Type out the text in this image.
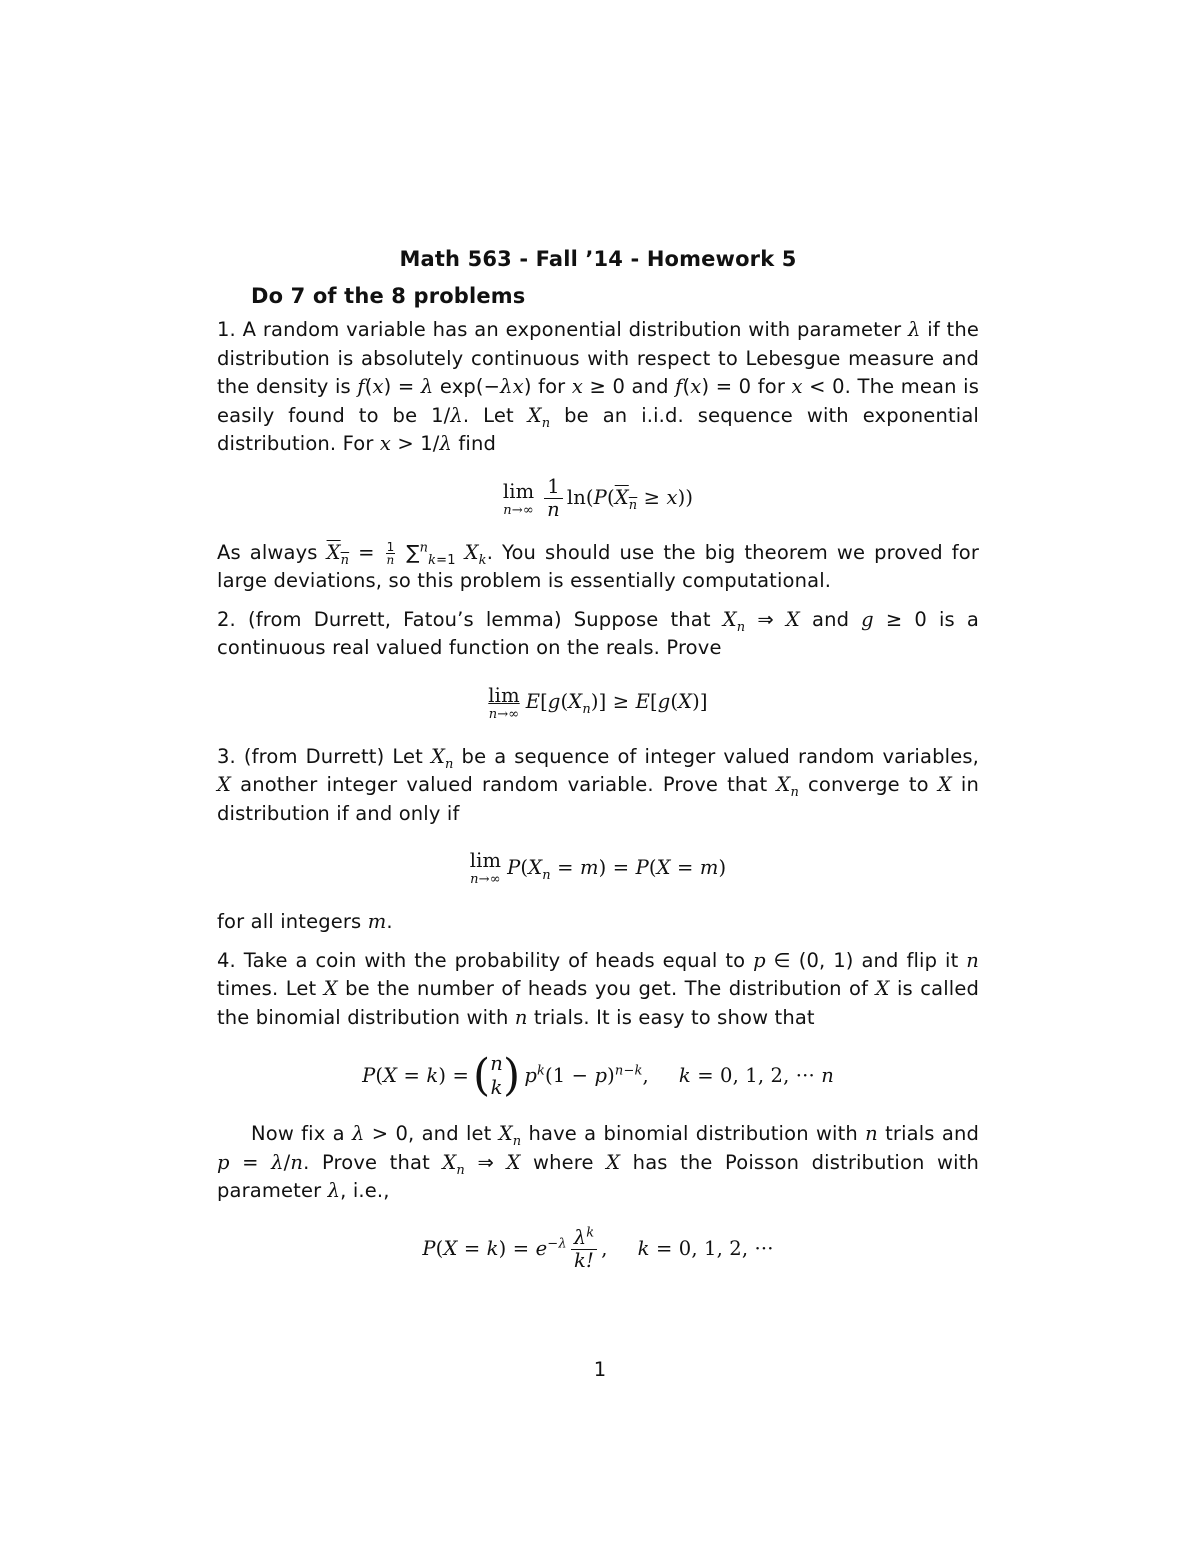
Math 563 - Fall ’14 - Homework 5
Do 7 of the 8 problems

1. A random variable has an exponential distribution with parameter λ if the distribution is absolutely continuous with respect to Lebesgue measure and the density is f(x) = λ exp(−λx) for x ≥ 0 and f(x) = 0 for x < 0. The mean is easily found to be 1/λ. Let $X_n$ be an i.i.d. sequence with exponential distribution. For x > 1/λ find

lim
$n\to\infty \frac{1}{n} \ln(P(X_n \ge x))$

As always $X_n = \frac{1}{n} \sum^n_{k=1}$ $X_k$. You should use the big theorem we proved for large deviations, so this problem is essentially computational.

2. (from Durrett, Fatou’s lemma) Suppose that $X_n$ ⇒ X and g ≥ 0 is a continuous real valued function on the reals. Prove

lim
n→∞
$E[g(X_n)] \ge E[g(X)]$

3. (from Durrett) Let $X_n$ be a sequence of integer valued random variables, X another integer valued random variable. Prove that $X_n$ converge to X in distribution if and only if

lim
n→∞
$P(X_n = m) = P(X = m)$

for all integers m.

4. Take a coin with the probability of heads equal to p ∈ (0, 1) and flip it n times. Let X be the number of heads you get. The distribution of X is called the binomial distribution with n trials. It is easy to show that

P(X = k) = ( n
k ) $p^k(1 - p)^{n-k}$, k = 0, 1, 2, ··· n

Now fix a λ > 0, and let $X_n$ have a binomial distribution with n trials and p = λ/n. Prove that $X_n$ ⇒ X where X has the Poisson distribution with parameter λ, i.e.,

$P(X = k) = e^{-\lambda} \frac{\lambda^k}{k!}$ , k = 0, 1, 2, ···
1
